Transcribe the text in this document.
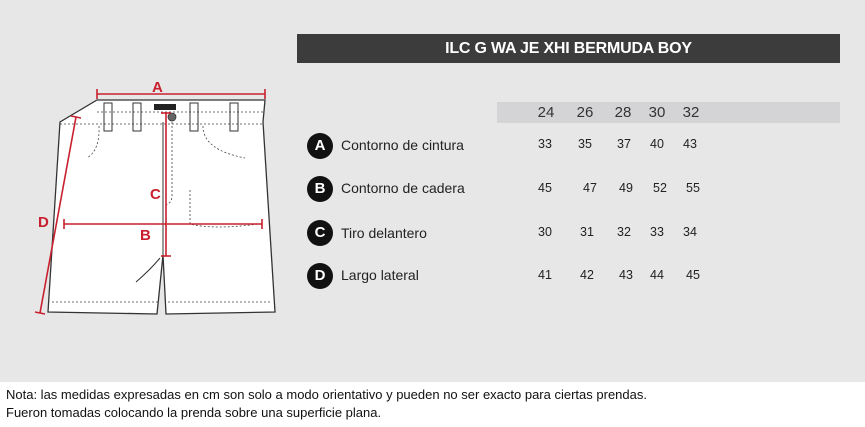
A
B
C
D
ILC G WA JE XHI BERMUDA BOY
24	26	28	30	32
A	Contorno de cintura	33	35	37	40	43
B	Contorno de cadera	45	47	49	52	55
C	Tiro delantero	30	31	32	33	34
D	Largo lateral	41	42	43	44	45
Nota: las medidas expresadas en cm son solo a modo orientativo y pueden no ser exacto para ciertas prendas.
Fueron tomadas colocando la prenda sobre una superficie plana.
